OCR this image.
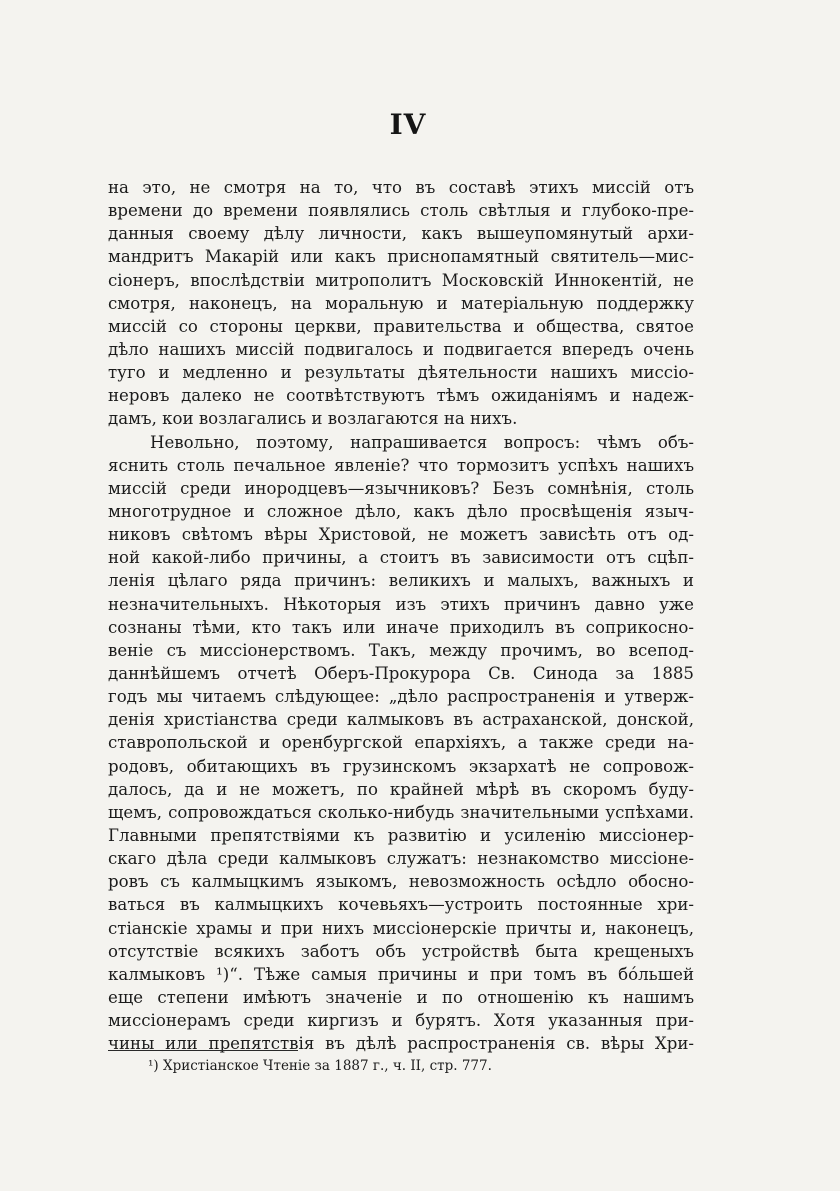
IV
на это, не смотря на то, что въ составѣ этихъ миссій отъ
времени до времени появлялись столь свѣтлыя и глубоко-пре-
данныя своему дѣлу личности, какъ вышеупомянутый архи-
мандритъ Макарій или какъ приснопамятный святитель—мис-
сіонеръ, впослѣдствіи митрополитъ Московскій Иннокентій, не
смотря, наконецъ, на моральную и матеріальную поддержку
миссій со стороны церкви, правительства и общества, святое
дѣло нашихъ миссій подвигалось и подвигается впередъ очень
туго и медленно и результаты дѣятельности нашихъ миссіо-
неровъ далеко не соотвѣтствуютъ тѣмъ ожиданіямъ и надеж-
дамъ, кои возлагались и возлагаются на нихъ.
Невольно, поэтому, напрашивается вопросъ: чѣмъ объ-
яснить столь печальное явленіе? что тормозитъ успѣхъ нашихъ
миссій среди инородцевъ—язычниковъ? Безъ сомнѣнія, столь
многотрудное и сложное дѣло, какъ дѣло просвѣщенія языч-
никовъ свѣтомъ вѣры Христовой, не можетъ зависѣть отъ од-
ной какой-либо причины, а стоитъ въ зависимости отъ сцѣп-
ленія цѣлаго ряда причинъ: великихъ и малыхъ, важныхъ и
незначительныхъ. Нѣкоторыя изъ этихъ причинъ давно уже
сознаны тѣми, кто такъ или иначе приходилъ въ соприкосно-
веніе съ миссіонерствомъ. Такъ, между прочимъ, во всепод-
даннѣйшемъ отчетѣ Оберъ-Прокурора Св. Синода за 1885
годъ мы читаемъ слѣдующее: „дѣло распространенія и утверж-
денія христіанства среди калмыковъ въ астраханской, донской,
ставропольской и оренбургской епархіяхъ, а также среди на-
родовъ, обитающихъ въ грузинскомъ экзархатѣ не сопровож-
далось, да и не можетъ, по крайней мѣрѣ въ скоромъ буду-
щемъ, сопровождаться сколько-нибудь значительными успѣхами.
Главными препятствіями къ развитію и усиленію миссіонер-
скаго дѣла среди калмыковъ служатъ: незнакомство миссіоне-
ровъ съ калмыцкимъ языкомъ, невозможность осѣдло обосно-
ваться въ калмыцкихъ кочевьяхъ—устроить постоянные хри-
стіанскіе храмы и при нихъ миссіонерскіе причты и, наконецъ,
отсутствіе всякихъ заботъ объ устройствѣ быта крещеныхъ
калмыковъ ¹)“. Тѣже самыя причины и при томъ въ бóльшей
еще степени имѣютъ значеніе и по отношенію къ нашимъ
миссіонерамъ среди киргизъ и бурятъ. Хотя указанныя при-
чины или препятствія въ дѣлѣ распространенія св. вѣры Хри-
¹) Христіанское Чтеніе за 1887 г., ч. II, стр. 777.
